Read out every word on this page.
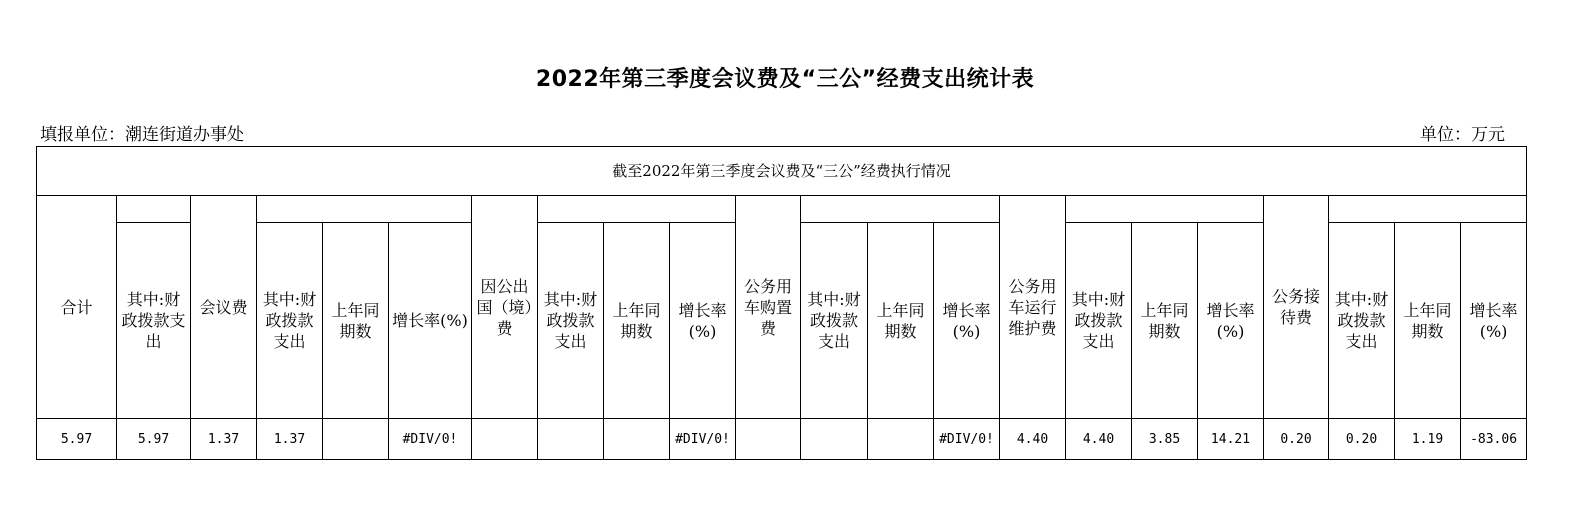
2022年第三季度会议费及“三公”经费支出统计表
填报单位：潮连街道办事处	单位：万元
截至2022年第三季度会议费及“三公”经费执行情况																					
合计		会议费				因公出国（境）费				公务用车购置费				公务用车运行维护费				公务接待费			
	其中:财政拨款支出		其中:财政拨款支出	上年同期数	增长率(%)		其中:财政拨款支出	上年同期数	增长率(%)		其中:财政拨款支出	上年同期数	增长率(%)		其中:财政拨款支出	上年同期数	增长率(%)		其中:财政拨款支出	上年同期数	增长率(%)
5.97	5.97	1.37	1.37		#DIV/0!				#DIV/0!				#DIV/0!	4.40	4.40	3.85	14.21	0.20	0.20	1.19	-83.06
